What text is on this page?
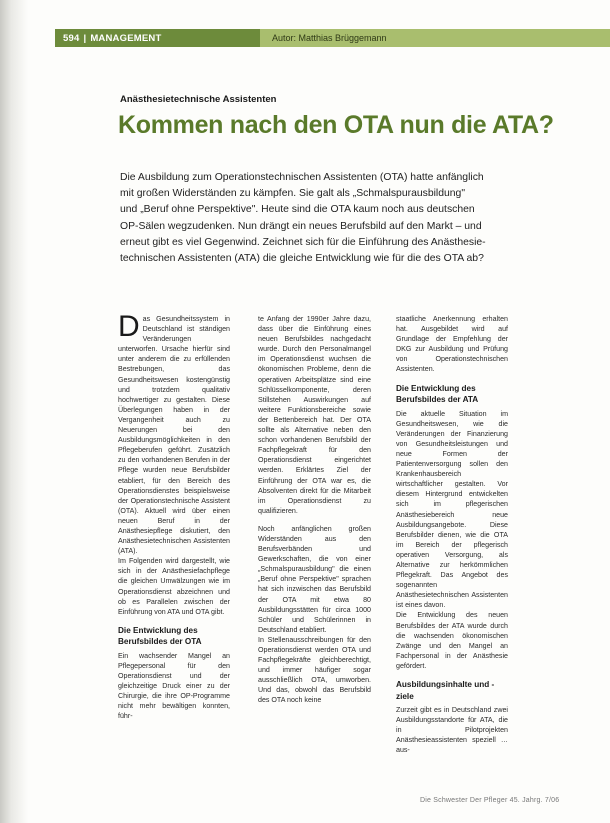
594 | MANAGEMENT	Autor: Matthias Brüggemann
Anästhesietechnische Assistenten
Kommen nach den OTA nun die ATA?

Die Ausbildung zum Operationstechnischen Assistenten (OTA) hatte anfänglich

mit großen Widerständen zu kämpfen. Sie galt als „Schmalspurausbildung"

und „Beruf ohne Perspektive". Heute sind die OTA kaum noch aus deutschen

OP-Sälen wegzudenken. Nun drängt ein neues Berufsbild auf den Markt – und

erneut gibt es viel Gegenwind. Zeichnet sich für die Einführung des Anästhesie-

technischen Assistenten (ATA) die gleiche Entwicklung wie für die des OTA ab?

D as Gesundheitssystem in Deutschland ist ständigen Veränderungen unterworfen. Ursache hierfür sind unter anderem die zu erfüllenden Bestrebungen, das Gesundheitswesen kostengünstig und trotzdem qualitativ hochwertiger zu gestalten. Diese Überlegungen haben in der Vergangenheit auch zu Neuerungen bei den Ausbildungsmöglichkeiten in den Pflegeberufen geführt. Zusätzlich zu den vorhandenen Berufen in der Pflege wurden neue Berufsbilder etabliert, für den Bereich des Operationsdienstes beispielsweise der Operationstechnische Assistent (OTA). Aktuell wird über einen neuen Beruf in der Anästhesiepflege diskutiert, den Anästhesietechnischen Assistenten (ATA).

Im Folgenden wird dargestellt, wie sich in der Anästhesiefachpflege die gleichen Umwälzungen wie im Operationsdienst abzeichnen und ob es Parallelen zwischen der Einführung von ATA und OTA gibt.

Die Entwicklung des Berufsbildes der OTA

Ein wachsender Mangel an Pflegepersonal für den Operationsdienst und der gleichzeitige Druck einer zu der Chirurgie, die ihre OP-Programme nicht mehr bewältigen konnten, führ-

te Anfang der 1990er Jahre dazu, dass über die Einführung eines neuen Berufsbildes nachgedacht wurde. Durch den Personalmangel im Operationsdienst wuchsen die ökonomischen Probleme, denn die operativen Arbeitsplätze sind eine Schlüsselkomponente, deren Stillstehen Auswirkungen auf weitere Funktionsbereiche sowie der Bettenbereich hat. Der OTA sollte als Alternative neben den schon vorhandenen Berufsbild der Fachpflegekraft für den Operationsdienst eingerichtet werden. Erklärtes Ziel der Einführung der OTA war es, die Absolventen direkt für die Mitarbeit im Operationsdienst zu qualifizieren.

Noch anfänglichen großen Widerständen aus den Berufsverbänden und Gewerkschaften, die von einer „Schmalspurausbildung" die einen „Beruf ohne Perspektive" sprachen hat sich inzwischen das Berufsbild der OTA mit etwa 80 Ausbildungsstätten für circa 1000 Schüler und Schülerinnen in Deutschland etabliert.

In Stellenausschreibungen für den Operationsdienst werden OTA und Fachpflegekräfte gleichberechtigt, und immer häufiger sogar ausschließlich OTA, umworben. Und das, obwohl das Berufsbild des OTA noch keine

staatliche Anerkennung erhalten hat. Ausgebildet wird auf Grundlage der Empfehlung der DKG zur Ausbildung und Prüfung von Operationstechnischen Assistenten.

Die Entwicklung des Berufsbildes der ATA

Die aktuelle Situation im Gesundheitswesen, wie die Veränderungen der Finanzierung von Gesundheitsleistungen und neue Formen der Patientenversorgung sollen den Krankenhausbereich wirtschaftlicher gestalten. Vor diesem Hintergrund entwickelten sich im pflegerischen Anästhesiebereich neue Ausbildungsangebote. Diese Berufsbilder dienen, wie die OTA im Bereich der pflegerisch operativen Versorgung, als Alternative zur herkömmlichen Pflegekraft. Das Angebot des sogenannten Anästhesietechnischen Assistenten ist eines davon.

Die Entwicklung des neuen Berufsbildes der ATA wurde durch die wachsenden ökonomischen Zwänge und den Mangel an Fachpersonal in der Anästhesie gefördert.

Ausbildungsinhalte und -ziele

Zurzeit gibt es in Deutschland zwei Ausbildungsstandorte für ATA, die in Pilotprojekten Anästhesieassistenten speziell … aus-

Die Schwester Der Pfleger 45. Jahrg. 7/06
